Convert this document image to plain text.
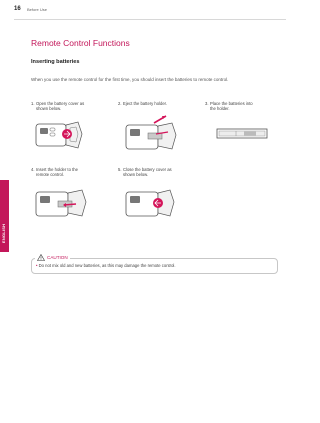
16 Before Use
ENGLISH
Remote Control Functions
Inserting batteries
When you use the remote control for the first time, you should insert the batteries to remote control.
1. Open the battery cover as
shown below.
2. Eject the battery holder.	3. Place the batteries into
the holder.
4. Insert the holder to the
remote control.
5. Close the battery cover as
shown below.
CAUTION
• Do not mix old and new batteries, as this may damage the remote control.
